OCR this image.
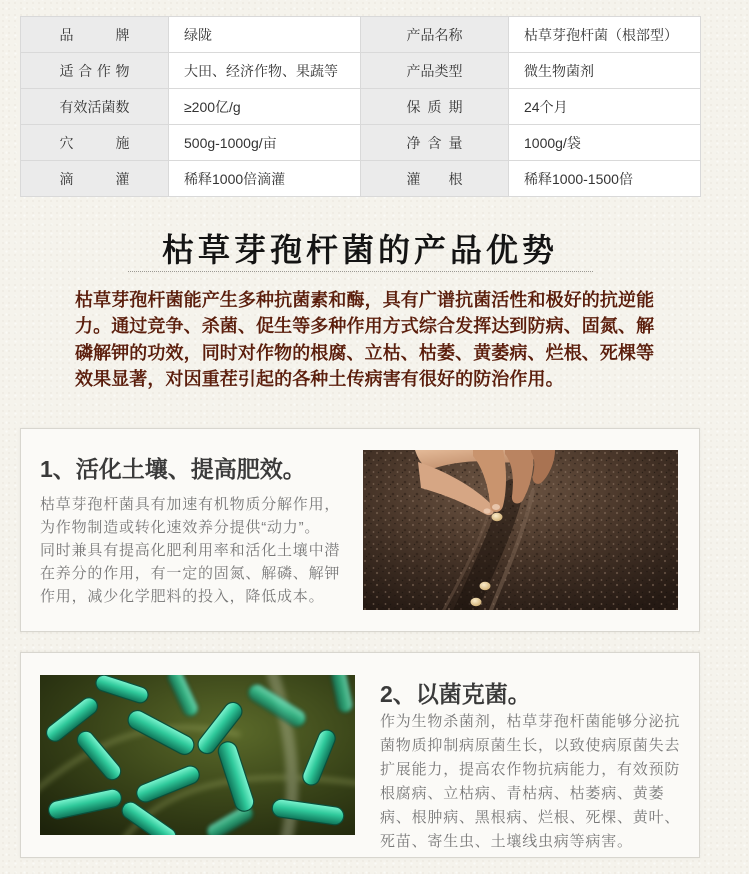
品 牌	绿陇	产品名称	枯草芽孢杆菌（根部型）
适 合 作 物	大田、经济作物、果蔬等	产品类型	微生物菌剂
有效活菌数	≥200亿/g	保 质 期	24个月
穴 施	500g-1000g/亩	净 含 量	1000g/袋
滴 灌	稀释1000倍滴灌	灌 根	稀释1000-1500倍
枯草芽孢杆菌的产品优势
枯草芽孢杆菌能产生多种抗菌素和酶，具有广谱抗菌活性和极好的抗逆能
力。通过竞争、杀菌、促生等多种作用方式综合发挥达到防病、固氮、解
磷解钾的功效，同时对作物的根腐、立枯、枯萎、黄萎病、烂根、死棵等
效果显著，对因重茬引起的各种土传病害有很好的防治作用。
1、活化土壤、提高肥效。
枯草芽孢杆菌具有加速有机物质分解作用，
为作物制造或转化速效养分提供“动力”。
同时兼具有提高化肥利用率和活化土壤中潜
在养分的作用，有一定的固氮、解磷、解钾
作用，减少化学肥料的投入，降低成本。
2、以菌克菌。
作为生物杀菌剂，枯草芽孢杆菌能够分泌抗
菌物质抑制病原菌生长，以致使病原菌失去
扩展能力，提高农作物抗病能力，有效预防
根腐病、立枯病、青枯病、枯萎病、黄萎
病、根肿病、黑根病、烂根、死棵、黄叶、
死苗、寄生虫、土壤线虫病等病害。
